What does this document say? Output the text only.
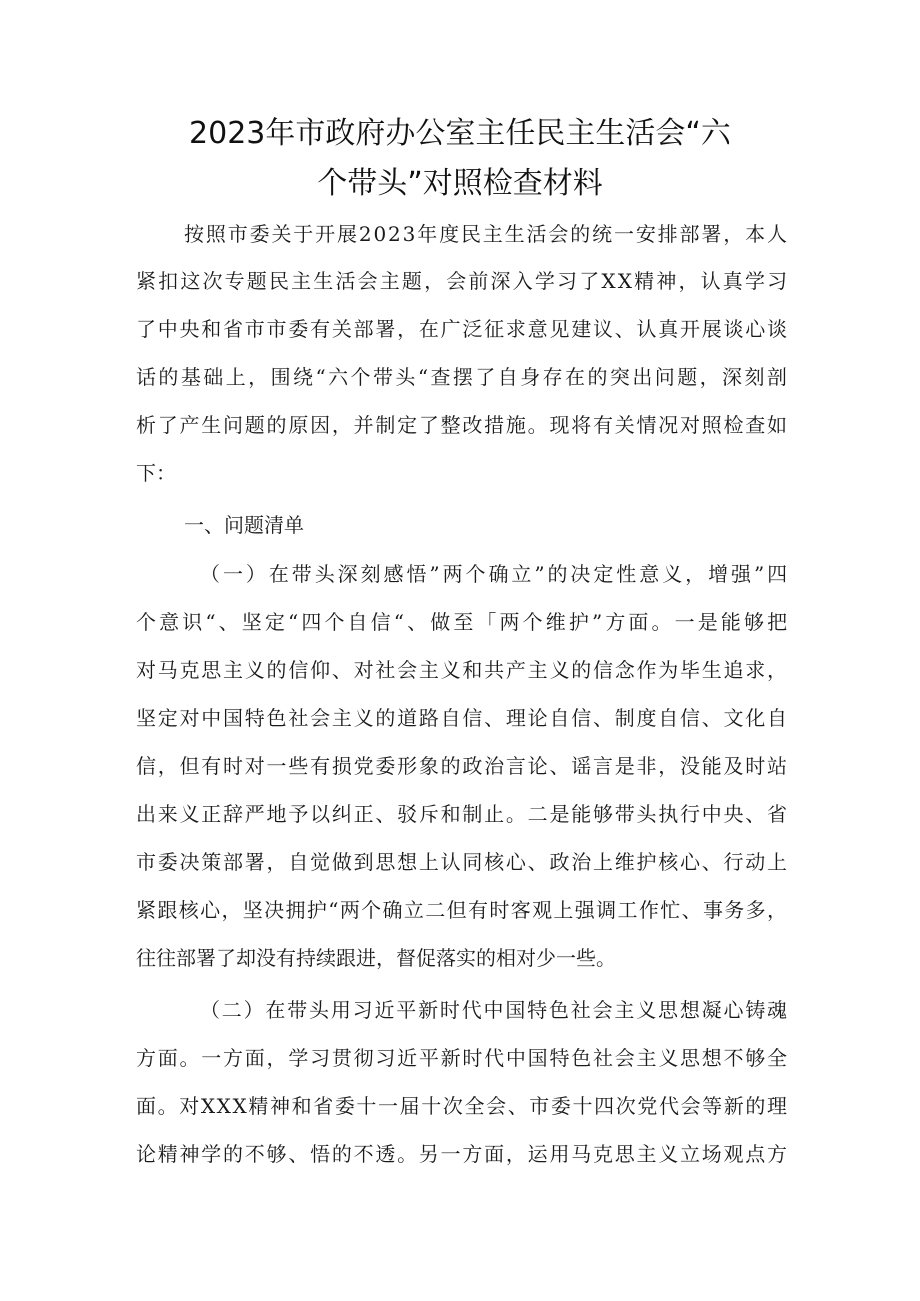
2023年市政府办公室主任民主生活会“六
个带头”对照检查材料
按照市委关于开展2023年度民主生活会的统一安排部署，本人
紧扣这次专题民主生活会主题，会前深入学习了XX精神，认真学习
了中央和省市市委有关部署，在广泛征求意见建议、认真开展谈心谈
话的基础上，围绕“六个带头“查摆了自身存在的突出问题，深刻剖
析了产生问题的原因，并制定了整改措施。现将有关情况对照检查如
下：
一、问题清单
（一）在带头深刻感悟”两个确立”的决定性意义，增强”四
个意识“、坚定“四个自信“、做至「两个维护”方面。一是能够把
对马克思主义的信仰、对社会主义和共产主义的信念作为毕生追求，
坚定对中国特色社会主义的道路自信、理论自信、制度自信、文化自
信，但有时对一些有损党委形象的政治言论、谣言是非，没能及时站
出来义正辞严地予以纠正、驳斥和制止。二是能够带头执行中央、省
市委决策部署，自觉做到思想上认同核心、政治上维护核心、行动上
紧跟核心，坚决拥护“两个确立二但有时客观上强调工作忙、事务多，
往往部署了却没有持续跟进，督促落实的相对少一些。
（二）在带头用习近平新时代中国特色社会主义思想凝心铸魂
方面。一方面，学习贯彻习近平新时代中国特色社会主义思想不够全
面。对XXX精神和省委十一届十次全会、市委十四次党代会等新的理
论精神学的不够、悟的不透。另一方面，运用马克思主义立场观点方
